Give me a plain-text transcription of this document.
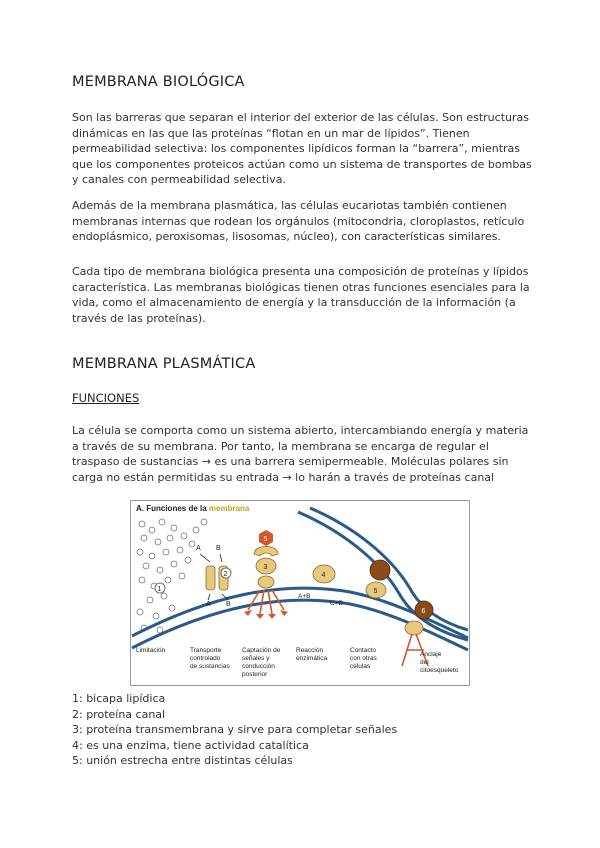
MEMBRANA BIOLÓGICA

Son las barreras que separan el interior del exterior de las células. Son estructuras dinámicas en las que las proteínas “flotan en un mar de lípidos”. Tienen permeabilidad selectiva: los componentes lipídicos forman la “barrera”, mientras que los componentes proteicos actúan como un sistema de transportes de bombas y canales con permeabilidad selectiva.

Además de la membrana plasmática, las células eucariotas también contienen membranas internas que rodean los orgánulos (mitocondria, cloroplastos, retículo endoplásmico, peroxisomas, lisosomas, núcleo), con características similares.

Cada tipo de membrana biológica presenta una composición de proteínas y lípidos característica. Las membranas biológicas tienen otras funciones esenciales para la vida, como el almacenamiento de energía y la transducción de la información (a través de las proteínas).

MEMBRANA PLASMÁTICA
FUNCIONES

La célula se comporta como un sistema abierto, intercambiando energía y materia a través de su membrana. Por tanto, la membrana se encarga de regular el traspaso de sustancias → es una barrera semipermeable. Moléculas polares sin carga no están permitidas su entrada → lo harán a través de proteínas canal

A. Funciones de la membrana
A B
A B
1
2
5
3
4
A+B
C+D
5
6
Limitación	Transporte controlado de sustancias
Captación de señales y conducción posterior
Reacción enzimática
Contacto con otras células
Anclaje del citoesqueleto
1: bicapa lipídica
2: proteína canal
3: proteína transmembrana y sirve para completar señales
4: es una enzima, tiene actividad catalítica
5: unión estrecha entre distintas células
